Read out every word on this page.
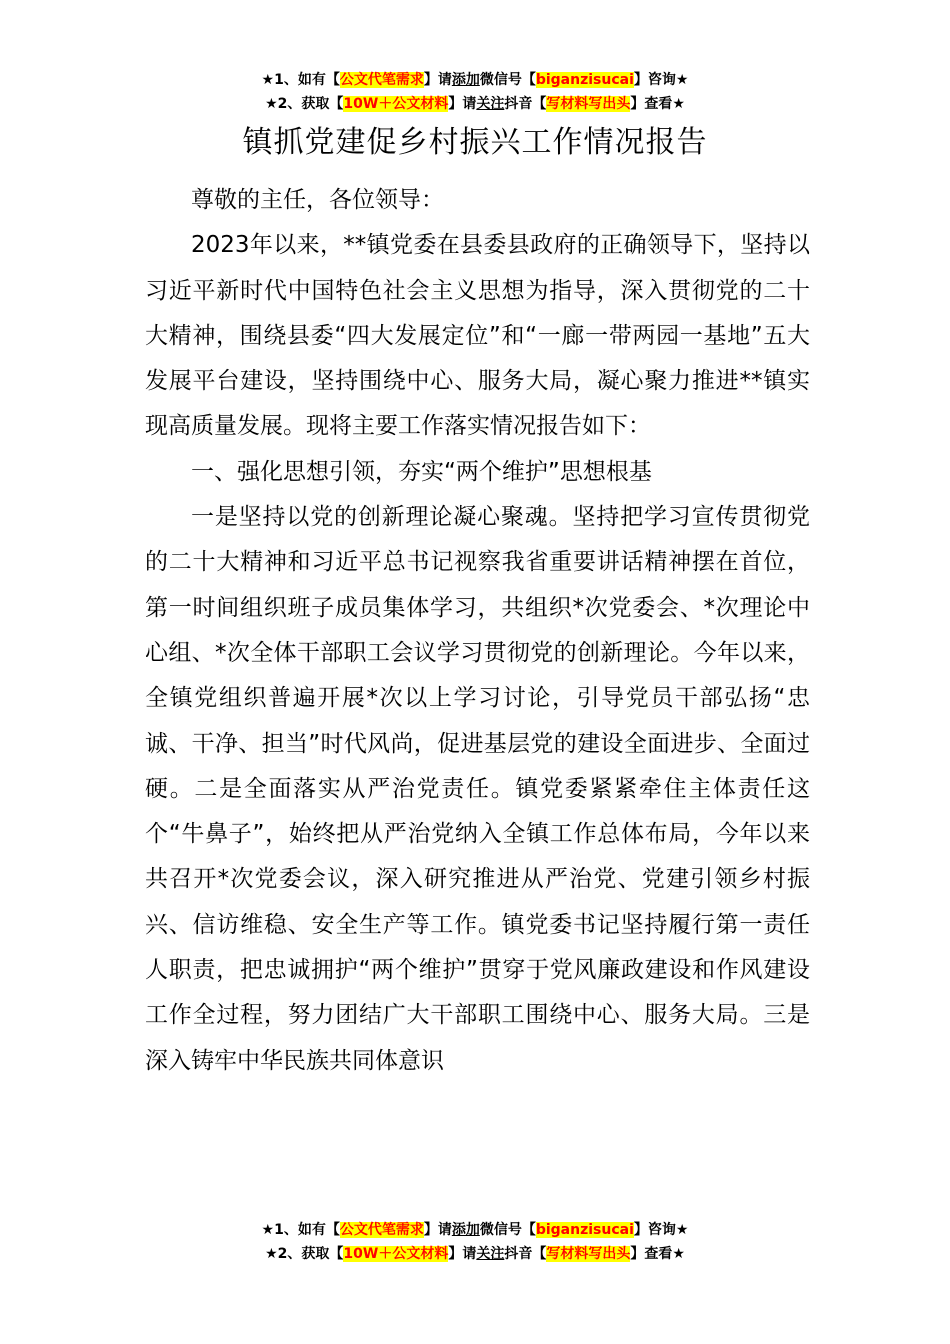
★1、如有【公文代笔需求】请添加微信号【biganzisucai】咨询★
★2、获取【10W＋公文材料】请关注抖音【写材料写出头】查看★
镇抓党建促乡村振兴工作情况报告

尊敬的主任，各位领导：

2023年以来，**镇党委在县委县政府的正确领导下，坚持以习近平新时代中国特色社会主义思想为指导，深入贯彻党的二十大精神，围绕县委“四大发展定位”和“一廊一带两园一基地”五大发展平台建设，坚持围绕中心、服务大局，凝心聚力推进**镇实现高质量发展。现将主要工作落实情况报告如下：

一、强化思想引领，夯实“两个维护”思想根基

一是坚持以党的创新理论凝心聚魂。坚持把学习宣传贯彻党的二十大精神和习近平总书记视察我省重要讲话精神摆在首位，第一时间组织班子成员集体学习，共组织*次党委会、*次理论中心组、*次全体干部职工会议学习贯彻党的创新理论。今年以来，全镇党组织普遍开展*次以上学习讨论，引导党员干部弘扬“忠诚、干净、担当”时代风尚，促进基层党的建设全面进步、全面过硬。二是全面落实从严治党责任。镇党委紧紧牵住主体责任这个“牛鼻子”，始终把从严治党纳入全镇工作总体布局，今年以来共召开*次党委会议，深入研究推进从严治党、党建引领乡村振兴、信访维稳、安全生产等工作。镇党委书记坚持履行第一责任人职责，把忠诚拥护“两个维护”贯穿于党风廉政建设和作风建设工作全过程，努力团结广大干部职工围绕中心、服务大局。三是深入铸牢中华民族共同体意识

★1、如有【公文代笔需求】请添加微信号【biganzisucai】咨询★
★2、获取【10W＋公文材料】请关注抖音【写材料写出头】查看★
